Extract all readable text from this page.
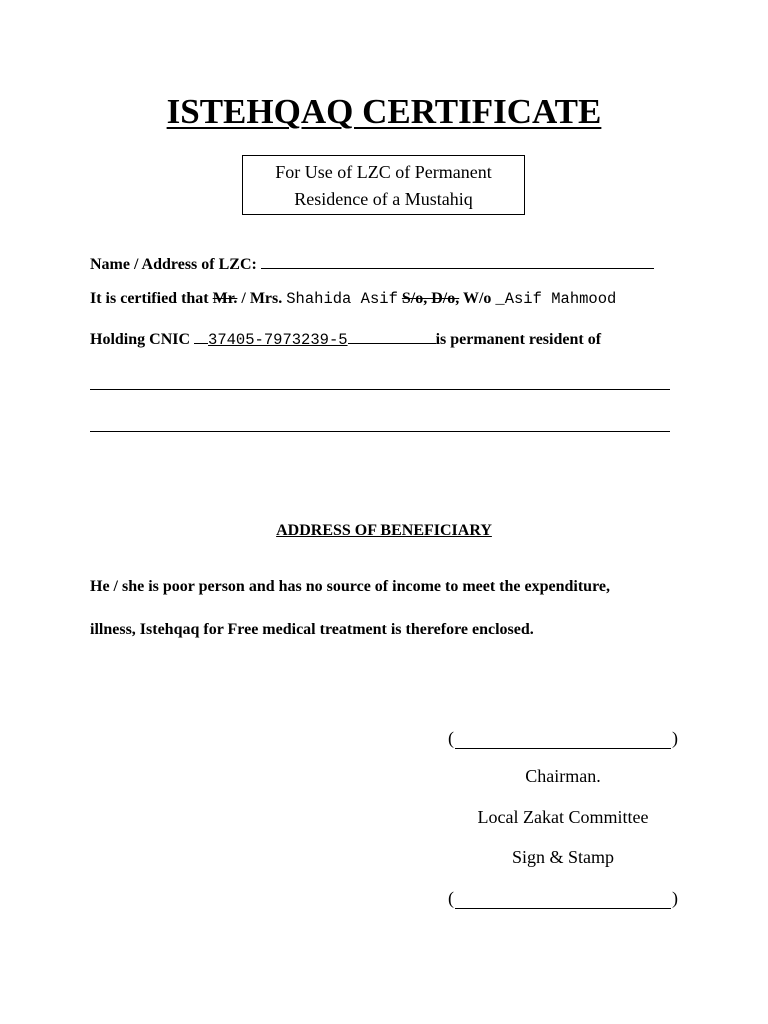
ISTEHQAQ CERTIFICATE
For Use of LZC of Permanent
Residence of a Mustahiq
Name / Address of LZC:
It is certified that Mr. / Mrs. Shahida Asif S/o, D/o, W/o _Asif Mahmood
Holding CNIC 37405-7973239-5	is permanent resident of
ADDRESS OF BENEFICIARY
He / she is poor person and has no source of income to meet the expenditure,
illness, Istehqaq for Free medical treatment is therefore enclosed.
(	)
Chairman.
Local Zakat Committee
Sign & Stamp
(	)
